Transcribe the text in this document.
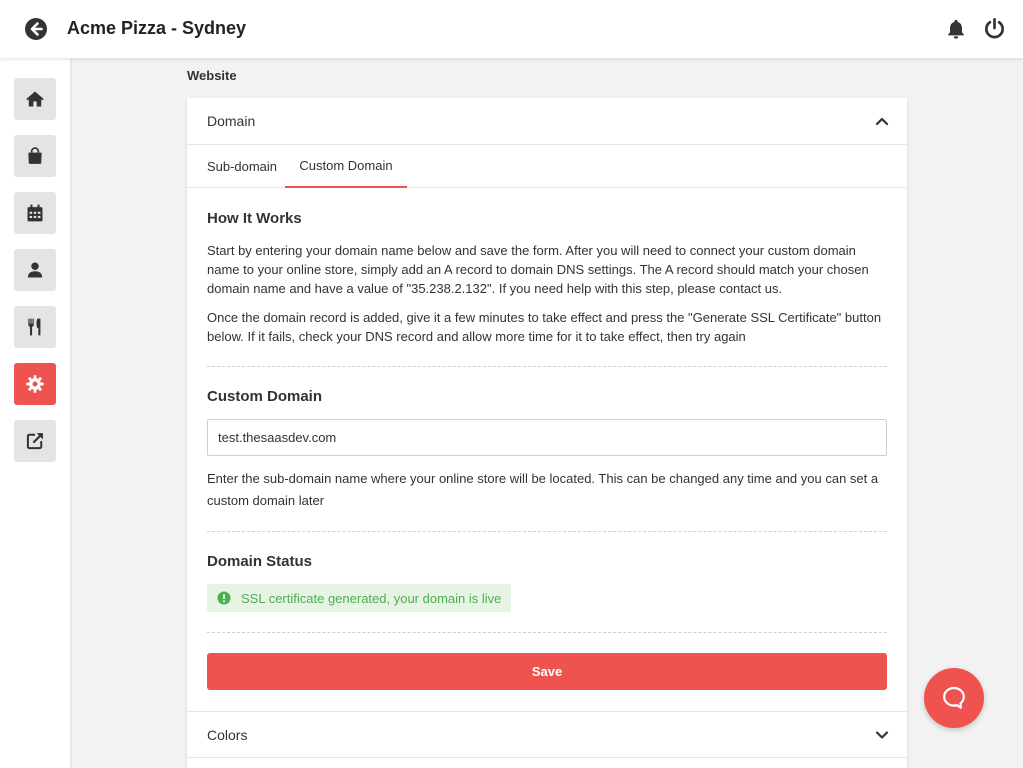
Acme Pizza - Sydney
Website
Domain
Sub-domain	Custom Domain
How It Works
Start by entering your domain name below and save the form. After you will need to connect your custom domain name to your online store, simply add an A record to domain DNS settings. The A record should match your chosen domain name and have a value of "35.238.2.132". If you need help with this step, please contact us.
Once the domain record is added, give it a few minutes to take effect and press the "Generate SSL Certificate" button below. If it fails, check your DNS record and allow more time for it to take effect, then try again
Custom Domain
test.thesaasdev.com
Enter the sub-domain name where your online store will be located. This can be changed any time and you can set a custom domain later
Domain Status
SSL certificate generated, your domain is live
Save
Colors
